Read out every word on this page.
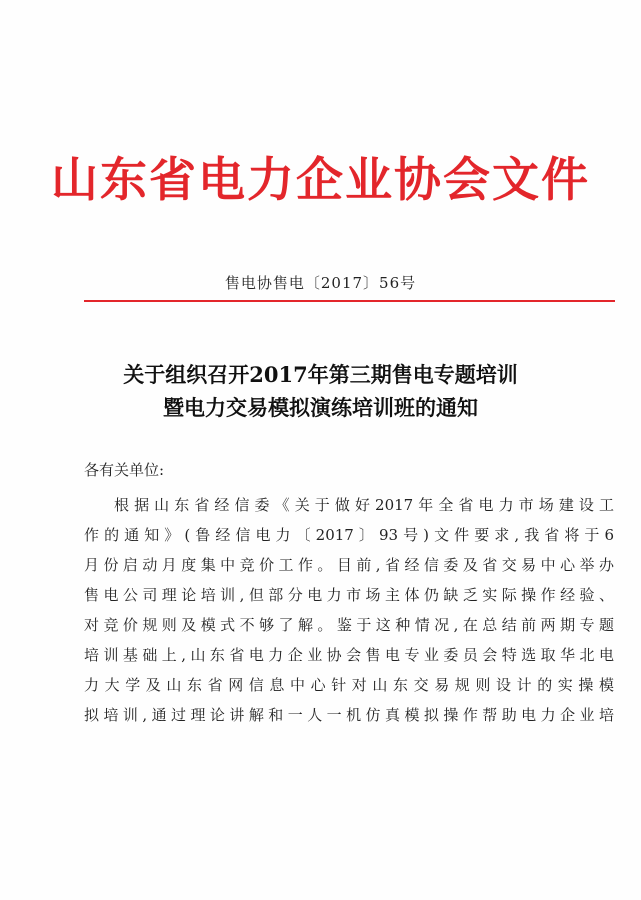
山东省电力企业协会文件
售电协售电〔2017〕56号
关于组织召开2017年第三期售电专题培训
暨电力交易模拟演练培训班的通知
各有关单位:
根据山东省经信委《关于做好2017年全省电力市场建设工
作的通知》(鲁经信电力〔2017〕93号)文件要求,我省将于6
月份启动月度集中竞价工作。目前,省经信委及省交易中心举办
售电公司理论培训,但部分电力市场主体仍缺乏实际操作经验、
对竞价规则及模式不够了解。鉴于这种情况,在总结前两期专题
培训基础上,山东省电力企业协会售电专业委员会特选取华北电
力大学及山东省网信息中心针对山东交易规则设计的实操模
拟培训,通过理论讲解和一人一机仿真模拟操作帮助电力企业培
